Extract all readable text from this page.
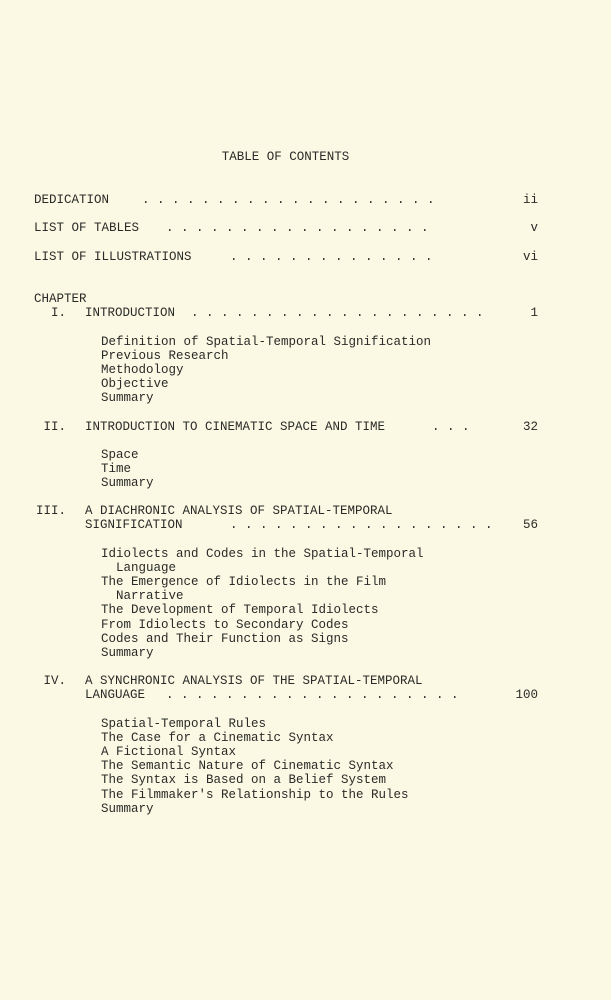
TABLE OF CONTENTS
DEDICATION	. . . . . . . . . . . . . . . . . . . .	ii
LIST OF TABLES . . . . . . . . . . . . . . . . . .	v
LIST OF ILLUSTRATIONS	. . . . . . . . . . . . . .	vi
CHAPTER
I. INTRODUCTION . . . . . . . . . . . . . . . . . . . .	1
Definition of Spatial-Temporal Signification
Previous Research
Methodology
Objective
Summary
II. INTRODUCTION TO CINEMATIC SPACE AND TIME	. . .	32
Space
Time
Summary
III. A DIACHRONIC ANALYSIS OF SPATIAL-TEMPORAL
SIGNIFICATION	. . . . . . . . . . . . . . . . . .	56
Idiolects and Codes in the Spatial-Temporal
Language
The Emergence of Idiolects in the Film
Narrative
The Development of Temporal Idiolects
From Idiolects to Secondary Codes
Codes and Their Function as Signs
Summary
IV. A SYNCHRONIC ANALYSIS OF THE SPATIAL-TEMPORAL
LANGUAGE . . . . . . . . . . . . . . . . . . . .	100
Spatial-Temporal Rules
The Case for a Cinematic Syntax
A Fictional Syntax
The Semantic Nature of Cinematic Syntax
The Syntax is Based on a Belief System
The Filmmaker's Relationship to the Rules
Summary
